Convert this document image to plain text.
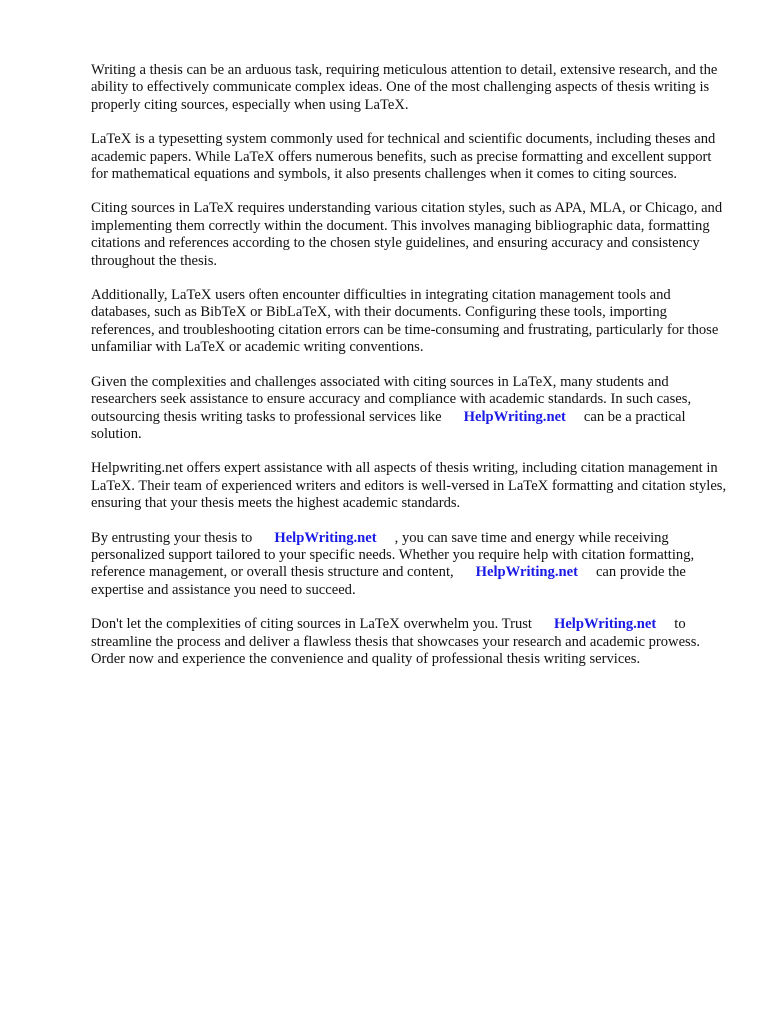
Writing a thesis can be an arduous task, requiring meticulous attention to detail, extensive research, and the ability to effectively communicate complex ideas. One of the most challenging aspects of thesis writing is properly citing sources, especially when using LaTeX.

LaTeX is a typesetting system commonly used for technical and scientific documents, including theses and academic papers. While LaTeX offers numerous benefits, such as precise formatting and excellent support for mathematical equations and symbols, it also presents challenges when it comes to citing sources.

Citing sources in LaTeX requires understanding various citation styles, such as APA, MLA, or Chicago, and implementing them correctly within the document. This involves managing bibliographic data, formatting citations and references according to the chosen style guidelines, and ensuring accuracy and consistency throughout the thesis.

Additionally, LaTeX users often encounter difficulties in integrating citation management tools and databases, such as BibTeX or BibLaTeX, with their documents. Configuring these tools, importing references, and troubleshooting citation errors can be time-consuming and frustrating, particularly for those unfamiliar with LaTeX or academic writing conventions.

Given the complexities and challenges associated with citing sources in LaTeX, many students and researchers seek assistance to ensure accuracy and compliance with academic standards. In such cases, outsourcing thesis writing tasks to professional services like HelpWriting.net can be a practical solution.

Helpwriting.net offers expert assistance with all aspects of thesis writing, including citation management in LaTeX. Their team of experienced writers and editors is well-versed in LaTeX formatting and citation styles, ensuring that your thesis meets the highest academic standards.

By entrusting your thesis to HelpWriting.net , you can save time and energy while receiving personalized support tailored to your specific needs. Whether you require help with citation formatting, reference management, or overall thesis structure and content, HelpWriting.net can provide the expertise and assistance you need to succeed.

Don't let the complexities of citing sources in LaTeX overwhelm you. Trust HelpWriting.net to streamline the process and deliver a flawless thesis that showcases your research and academic prowess. Order now and experience the convenience and quality of professional thesis writing services.
